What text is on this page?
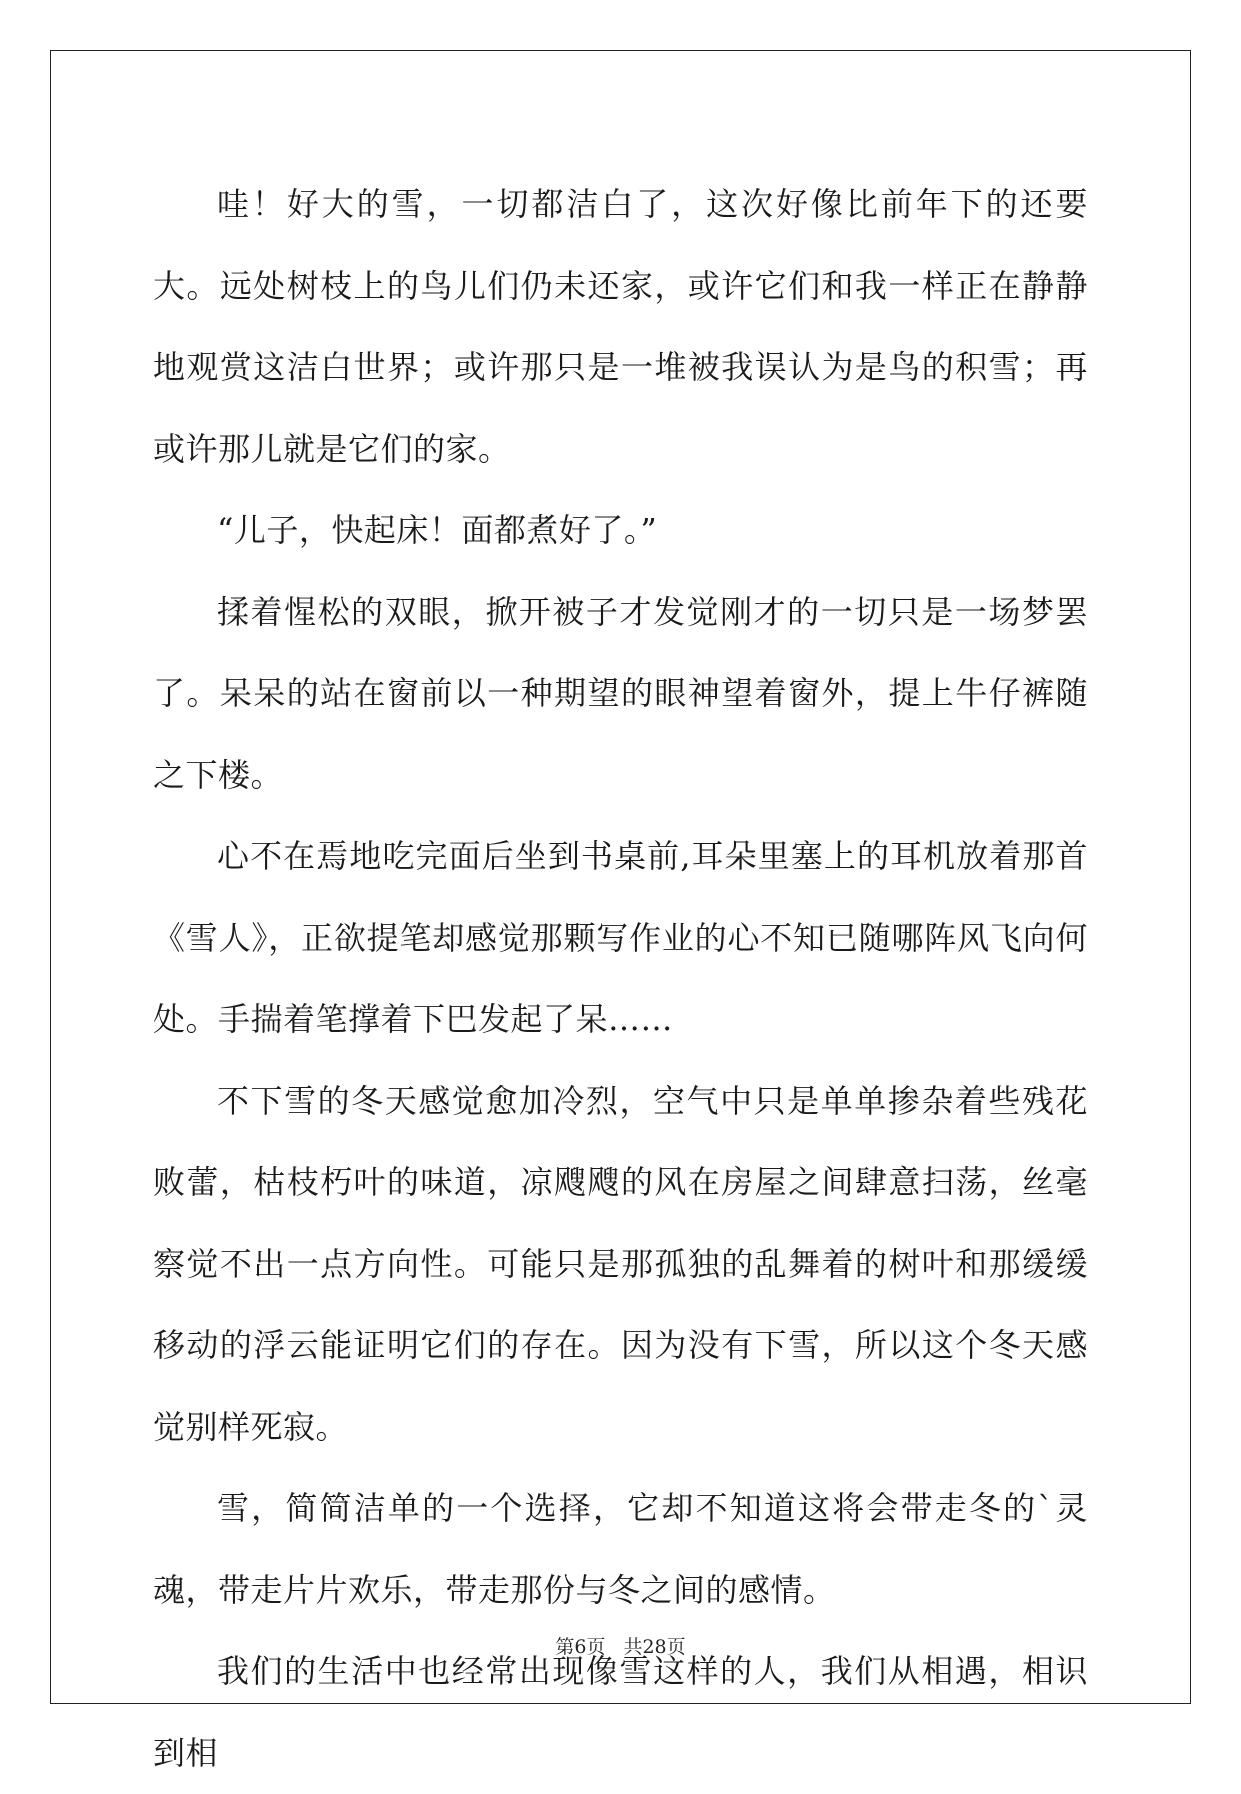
哇！好大的雪，一切都洁白了，这次好像比前年下的还要大。远处树枝上的鸟儿们仍未还家，或许它们和我一样正在静静地观赏这洁白世界；或许那只是一堆被我误认为是鸟的积雪；再或许那儿就是它们的家。

“儿子，快起床！面都煮好了。”

揉着惺松的双眼，掀开被子才发觉刚才的一切只是一场梦罢了。呆呆的站在窗前以一种期望的眼神望着窗外，提上牛仔裤随之下楼。

心不在焉地吃完面后坐到书桌前,耳朵里塞上的耳机放着那首《雪人》，正欲提笔却感觉那颗写作业的心不知已随哪阵风飞向何处。手揣着笔撑着下巴发起了呆……

不下雪的冬天感觉愈加冷烈，空气中只是单单掺杂着些残花败蕾，枯枝朽叶的味道，凉飕飕的风在房屋之间肆意扫荡，丝毫察觉不出一点方向性。可能只是那孤独的乱舞着的树叶和那缓缓移动的浮云能证明它们的存在。因为没有下雪，所以这个冬天感觉别样死寂。

雪，简简洁单的一个选择，它却不知道这将会带走冬的`灵魂，带走片片欢乐，带走那份与冬之间的感情。

我们的生活中也经常出现像雪这样的人，我们从相遇，相识到相

第6页 共28页
